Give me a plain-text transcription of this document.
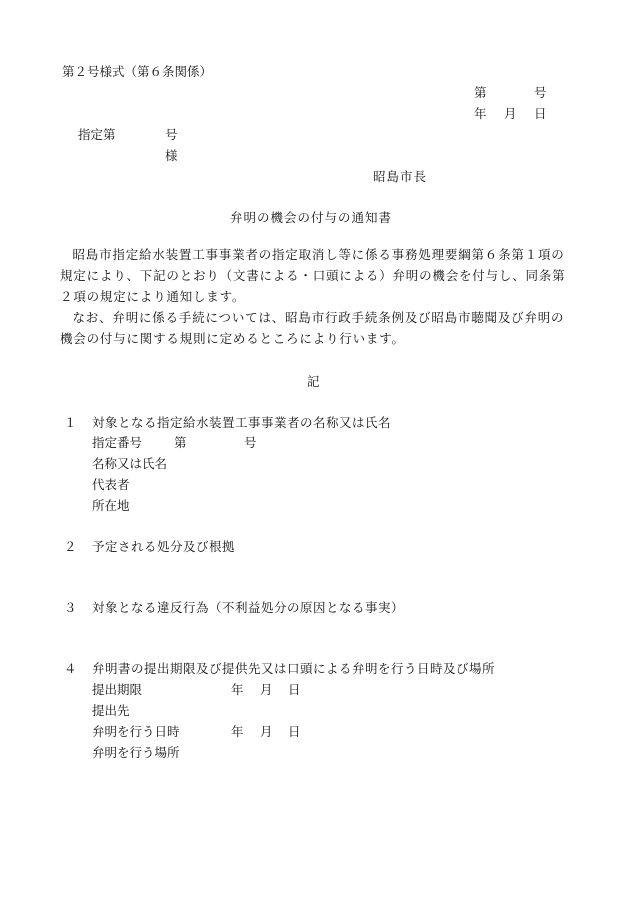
第２号様式（第６条関係）
第	号
年 月 日
指定第	号
様
昭島市長
弁明の機会の付与の通知書

昭島市指定給水装置工事事業者の指定取消し等に係る事務処理要綱第６条第１項の規定により、下記のとおり（文書による・口頭による）弁明の機会を付与し、同条第２項の規定により通知します。

なお、弁明に係る手続については、昭島市行政手続条例及び昭島市聴聞及び弁明の機会の付与に関する規則に定めるところにより行います。

記
１ 対象となる指定給水装置工事事業者の名称又は氏名
指定番号	第	号
名称又は氏名
代表者
所在地
２ 予定される処分及び根拠
３ 対象となる違反行為（不利益処分の原因となる事実）
４ 弁明書の提出期限及び提供先又は口頭による弁明を行う日時及び場所
提出期限	年 月 日
提出先
弁明を行う日時	年 月 日
弁明を行う場所
